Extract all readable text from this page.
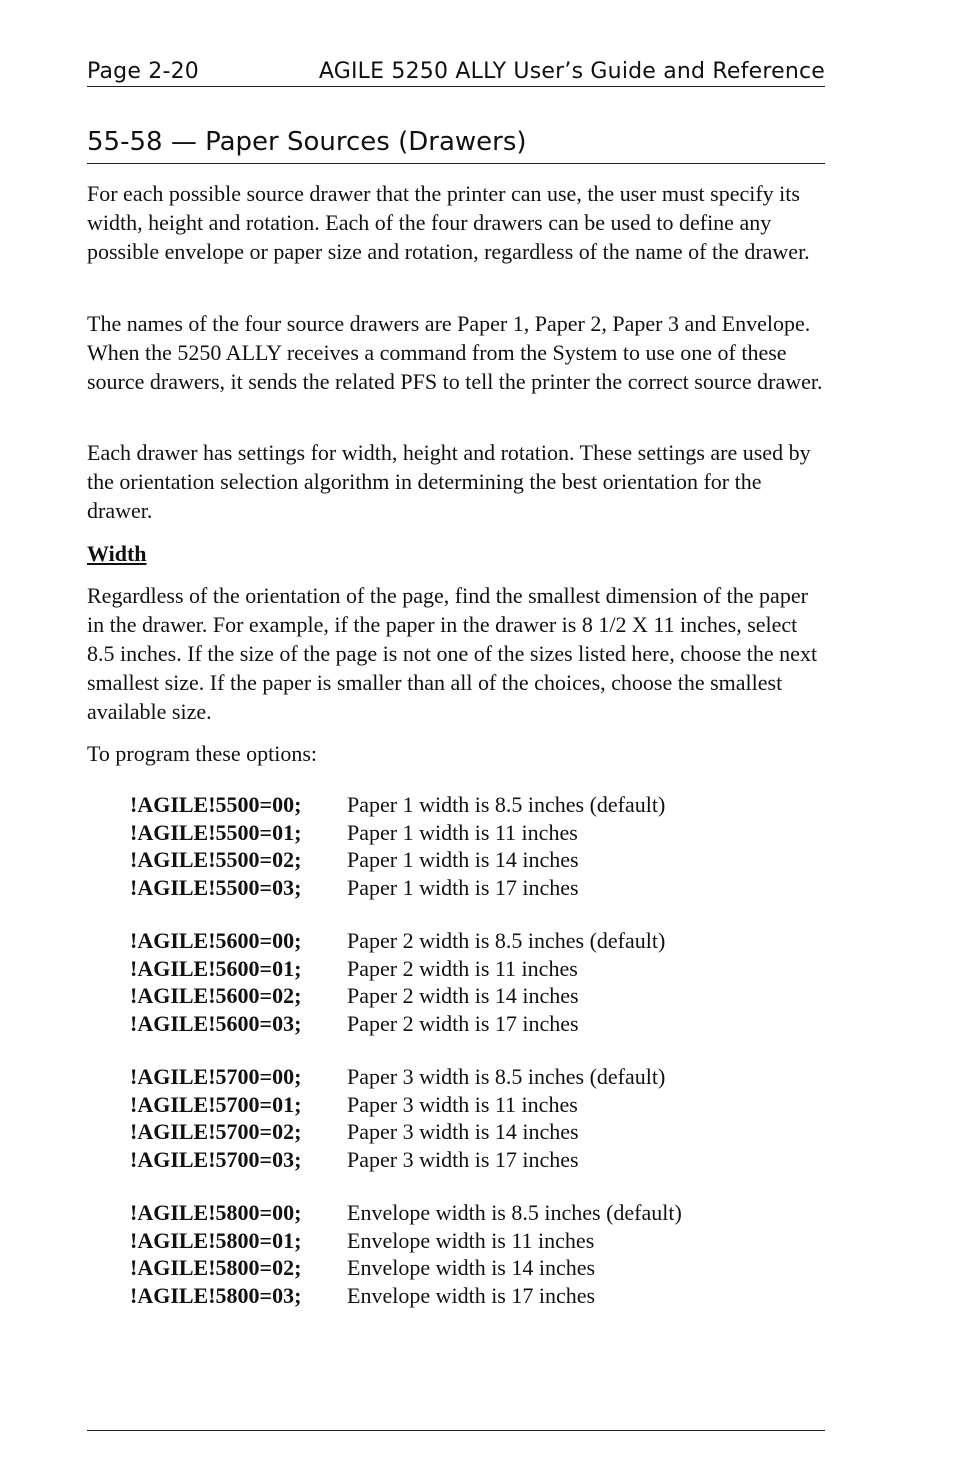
Page 2-20	AGILE 5250 ALLY User’s Guide and Reference
55-58 — Paper Sources (Drawers)

For each possible source drawer that the printer can use, the user must specify its width, height and rotation. Each of the four drawers can be used to define any possible envelope or paper size and rotation, regardless of the name of the drawer.

The names of the four source drawers are Paper 1, Paper 2, Paper 3 and Envelope. When the 5250 ALLY receives a command from the System to use one of these source drawers, it sends the related PFS to tell the printer the correct source drawer.

Each drawer has settings for width, height and rotation. These settings are used by the orientation selection algorithm in determining the best orientation for the drawer.

Width

Regardless of the orientation of the page, find the smallest dimension of the paper in the drawer. For example, if the paper in the drawer is 8 1/2 X 11 inches, select 8.5 inches. If the size of the page is not one of the sizes listed here, choose the next smallest size. If the paper is smaller than all of the choices, choose the smallest available size.

To program these options:

!AGILE!5500=00;	Paper 1 width is 8.5 inches (default)
!AGILE!5500=01;	Paper 1 width is 11 inches
!AGILE!5500=02;	Paper 1 width is 14 inches
!AGILE!5500=03;	Paper 1 width is 17 inches
!AGILE!5600=00;	Paper 2 width is 8.5 inches (default)
!AGILE!5600=01;	Paper 2 width is 11 inches
!AGILE!5600=02;	Paper 2 width is 14 inches
!AGILE!5600=03;	Paper 2 width is 17 inches
!AGILE!5700=00;	Paper 3 width is 8.5 inches (default)
!AGILE!5700=01;	Paper 3 width is 11 inches
!AGILE!5700=02;	Paper 3 width is 14 inches
!AGILE!5700=03;	Paper 3 width is 17 inches
!AGILE!5800=00;	Envelope width is 8.5 inches (default)
!AGILE!5800=01;	Envelope width is 11 inches
!AGILE!5800=02;	Envelope width is 14 inches
!AGILE!5800=03;	Envelope width is 17 inches
